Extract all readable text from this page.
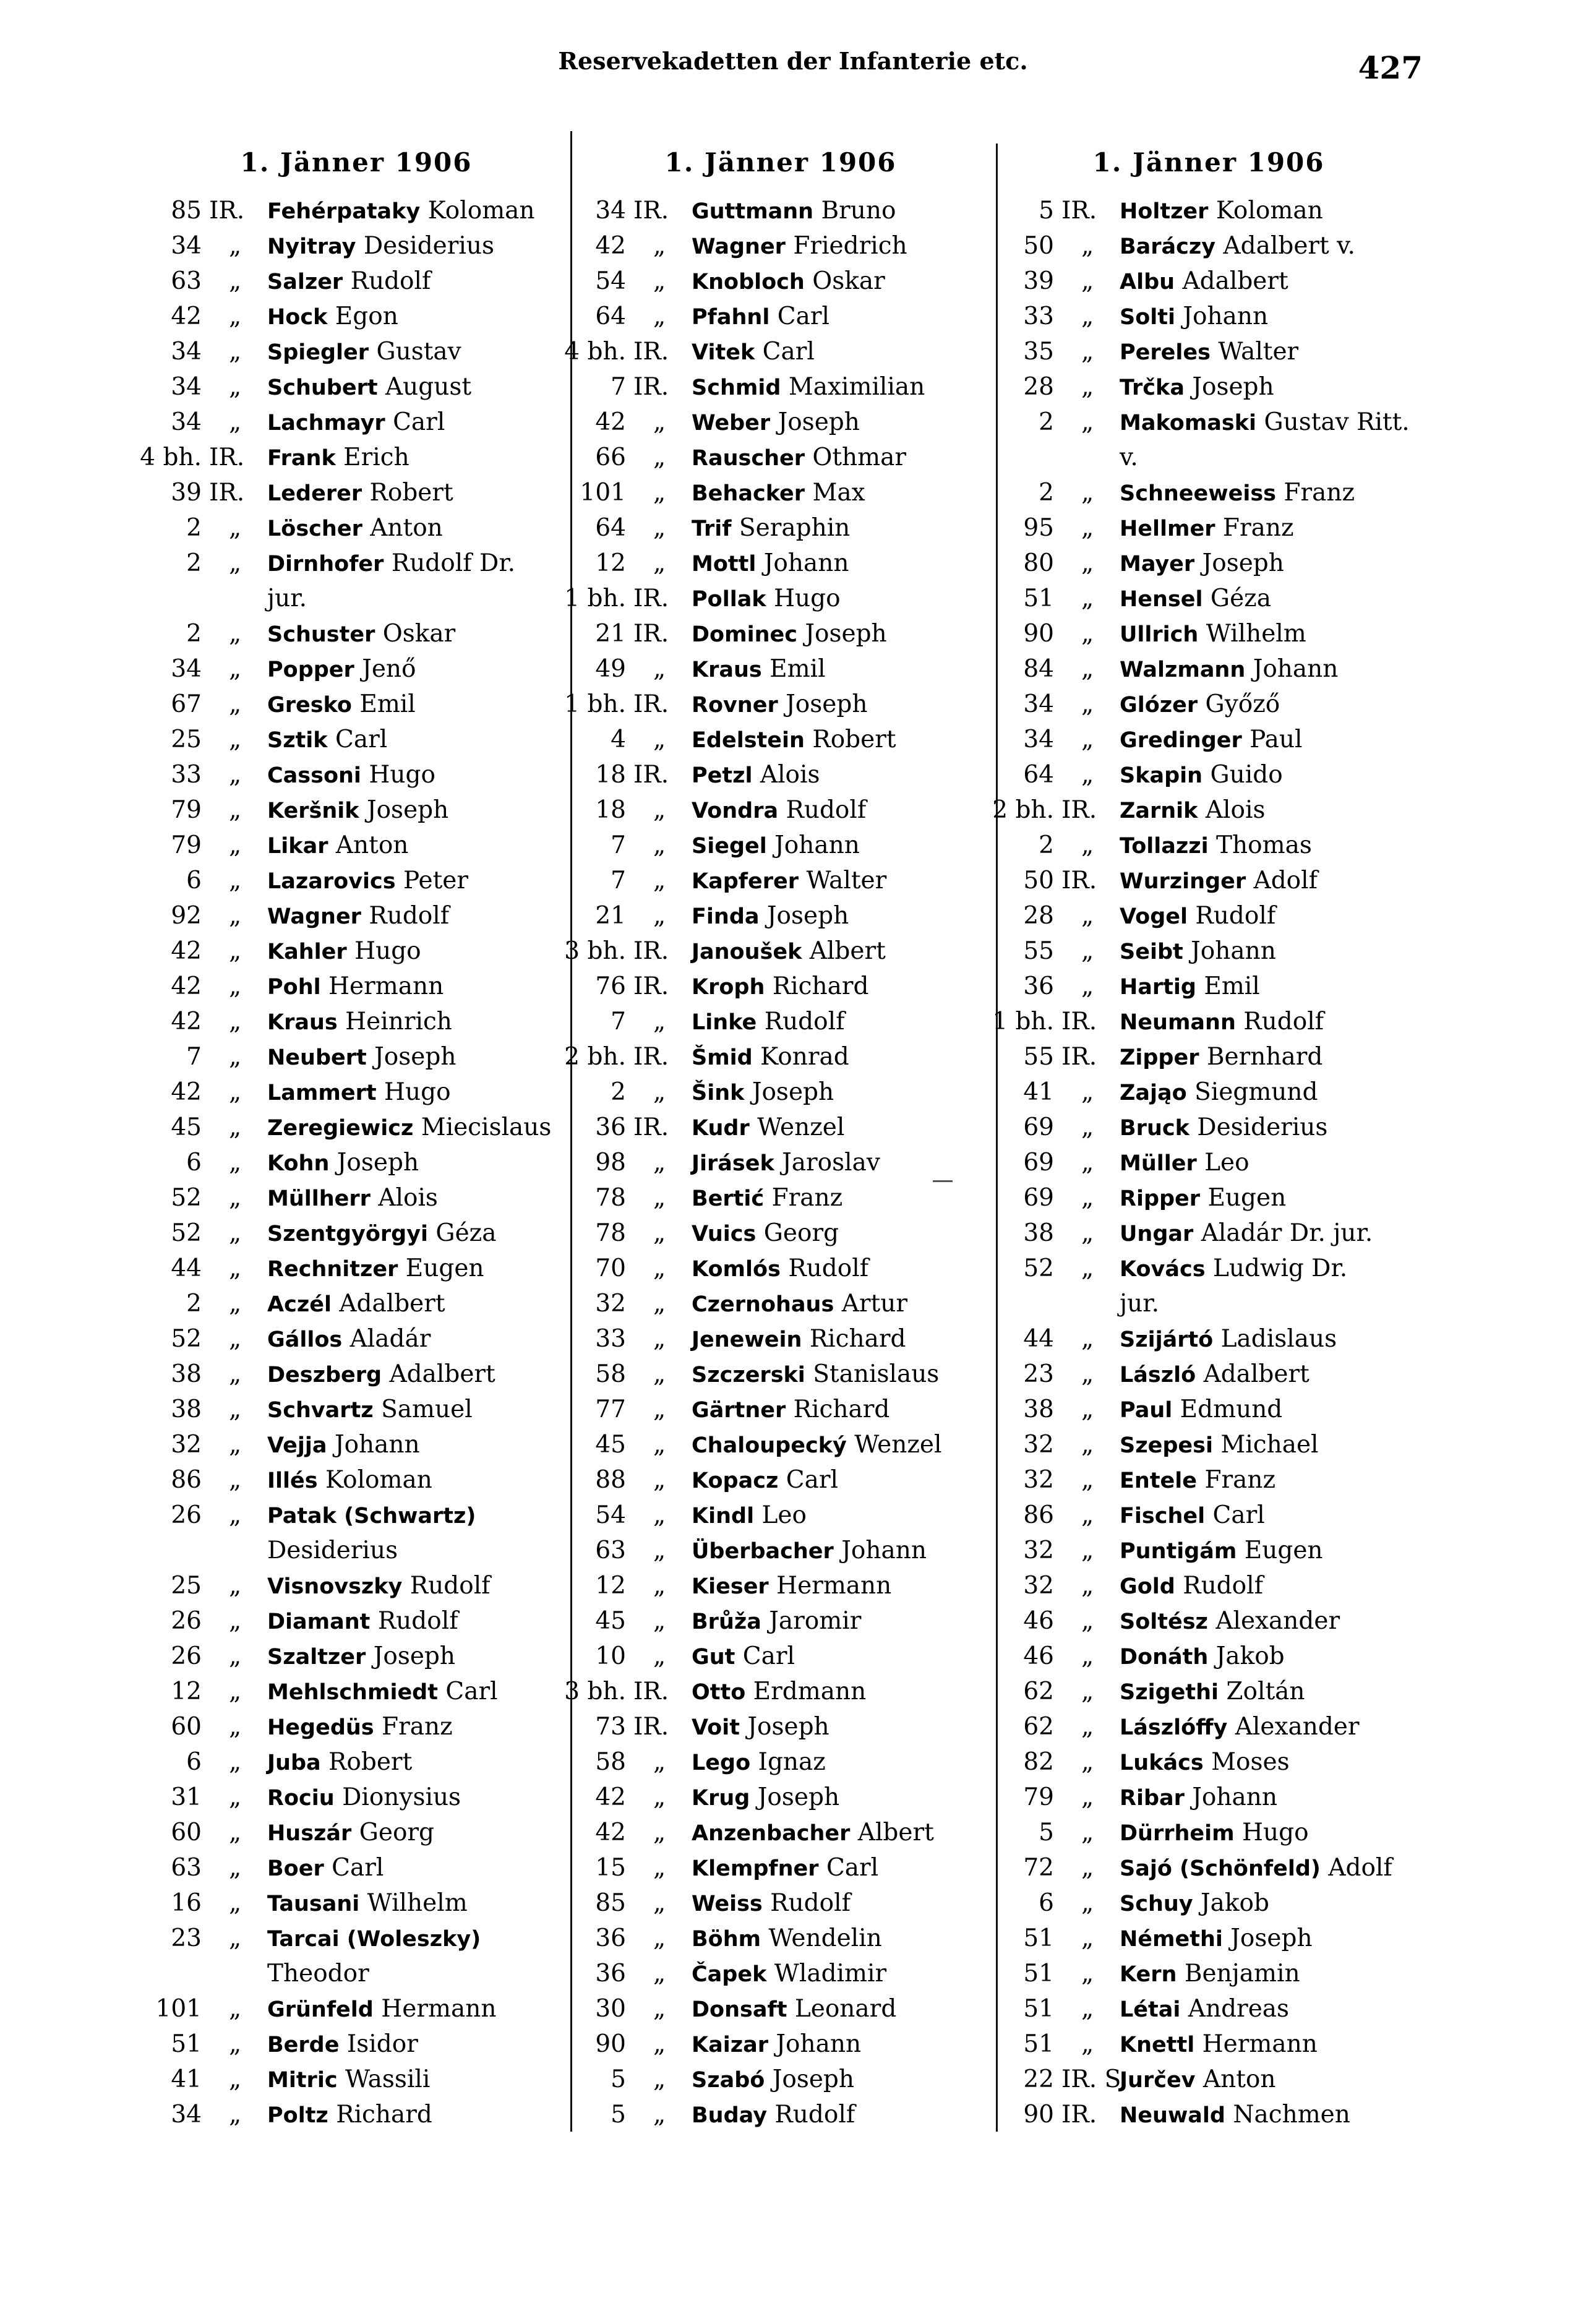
Reservekadetten der Infanterie etc.	427
1. Jänner 1906
85 IR. Fehérpataky Koloman
34 „ Nyitray Desiderius
63 „ Salzer Rudolf
42 „ Hock Egon
34 „ Spiegler Gustav
34 „ Schubert August
34 „ Lachmayr Carl
4 bh. IR. Frank Erich
39 IR. Lederer Robert
2 „ Löscher Anton
2 „ Dirnhofer Rudolf Dr.
jur.
2 „ Schuster Oskar
34 „ Popper Jenő
67 „ Gresko Emil
25 „ Sztik Carl
33 „ Cassoni Hugo
79 „ Keršnik Joseph
79 „ Likar Anton
6 „ Lazarovics Peter
92 „ Wagner Rudolf
42 „ Kahler Hugo
42 „ Pohl Hermann
42 „ Kraus Heinrich
7 „ Neubert Joseph
42 „ Lammert Hugo
45 „ Zeregiewicz Miecislaus
6 „ Kohn Joseph
52 „ Müllherr Alois
52 „ Szentgyörgyi Géza
44 „ Rechnitzer Eugen
2 „ Aczél Adalbert
52 „ Gállos Aladár
38 „ Deszberg Adalbert
38 „ Schvartz Samuel
32 „ Vejja Johann
86 „ Illés Koloman
26 „ Patak (Schwartz)
Desiderius
25 „ Visnovszky Rudolf
26 „ Diamant Rudolf
26 „ Szaltzer Joseph
12 „ Mehlschmiedt Carl
60 „ Hegedüs Franz
6 „ Juba Robert
31 „ Rociu Dionysius
60 „ Huszár Georg
63 „ Boer Carl
16 „ Tausani Wilhelm
23 „ Tarcai (Woleszky)
Theodor
101 „ Grünfeld Hermann
51 „ Berde Isidor
41 „ Mitric Wassili
34 „ Poltz Richard
1. Jänner 1906
34 IR. Guttmann Bruno
42 „ Wagner Friedrich
54 „ Knobloch Oskar
64 „ Pfahnl Carl
4 bh. IR. Vitek Carl
7 IR. Schmid Maximilian
42 „ Weber Joseph
66 „ Rauscher Othmar
101 „ Behacker Max
64 „ Trif Seraphin
12 „ Mottl Johann
1 bh. IR. Pollak Hugo
21 IR. Dominec Joseph
49 „ Kraus Emil
1 bh. IR. Rovner Joseph
4 „ Edelstein Robert
18 IR. Petzl Alois
18 „ Vondra Rudolf
7 „ Siegel Johann
7 „ Kapferer Walter
21 „ Finda Joseph
3 bh. IR. Janoušek Albert
76 IR. Kroph Richard
7 „ Linke Rudolf
2 bh. IR. Šmid Konrad
2 „ Šink Joseph
36 IR. Kudr Wenzel
98 „ Jirásek Jaroslav
78 „ Bertić Franz
78 „ Vuics Georg
70 „ Komlós Rudolf
32 „ Czernohaus Artur
33 „ Jenewein Richard
58 „ Szczerski Stanislaus
77 „ Gärtner Richard
45 „ Chaloupecký Wenzel
88 „ Kopacz Carl
54 „ Kindl Leo
63 „ Überbacher Johann
12 „ Kieser Hermann
45 „ Brůža Jaromir
10 „ Gut Carl
3 bh. IR. Otto Erdmann
73 IR. Voit Joseph
58 „ Lego Ignaz
42 „ Krug Joseph
42 „ Anzenbacher Albert
15 „ Klempfner Carl
85 „ Weiss Rudolf
36 „ Böhm Wendelin
36 „ Čapek Wladimir
30 „ Donsaft Leonard
90 „ Kaizar Johann
5 „ Szabó Joseph
5 „ Buday Rudolf
1. Jänner 1906
5 IR. Holtzer Koloman
50 „ Baráczy Adalbert v.
39 „ Albu Adalbert
33 „ Solti Johann
35 „ Pereles Walter
28 „ Trčka Joseph
2 „ Makomaski Gustav Ritt.
v.
2 „ Schneeweiss Franz
95 „ Hellmer Franz
80 „ Mayer Joseph
51 „ Hensel Géza
90 „ Ullrich Wilhelm
84 „ Walzmann Johann
34 „ Glózer Győző
34 „ Gredinger Paul
64 „ Skapin Guido
2 bh. IR. Zarnik Alois
2 „ Tollazzi Thomas
50 IR. Wurzinger Adolf
28 „ Vogel Rudolf
55 „ Seibt Johann
36 „ Hartig Emil
1 bh. IR. Neumann Rudolf
55 IR. Zipper Bernhard
41 „ Zająo Siegmund
69 „ Bruck Desiderius
69 „ Müller Leo
69 „ Ripper Eugen
38 „ Ungar Aladár Dr. jur.
52 „ Kovács Ludwig Dr.
jur.
44 „ Szijártó Ladislaus
23 „ László Adalbert
38 „ Paul Edmund
32 „ Szepesi Michael
32 „ Entele Franz
86 „ Fischel Carl
32 „ Puntigám Eugen
32 „ Gold Rudolf
46 „ Soltész Alexander
46 „ Donáth Jakob
62 „ Szigethi Zoltán
62 „ Lászlóffy Alexander
82 „ Lukács Moses
79 „ Ribar Johann
5 „ Dürrheim Hugo
72 „ Sajó (Schönfeld) Adolf
6 „ Schuy Jakob
51 „ Némethi Joseph
51 „ Kern Benjamin
51 „ Létai Andreas
51 „ Knettl Hermann
22 IR. S.
Jurčev Anton
90 IR. Neuwald Nachmen
